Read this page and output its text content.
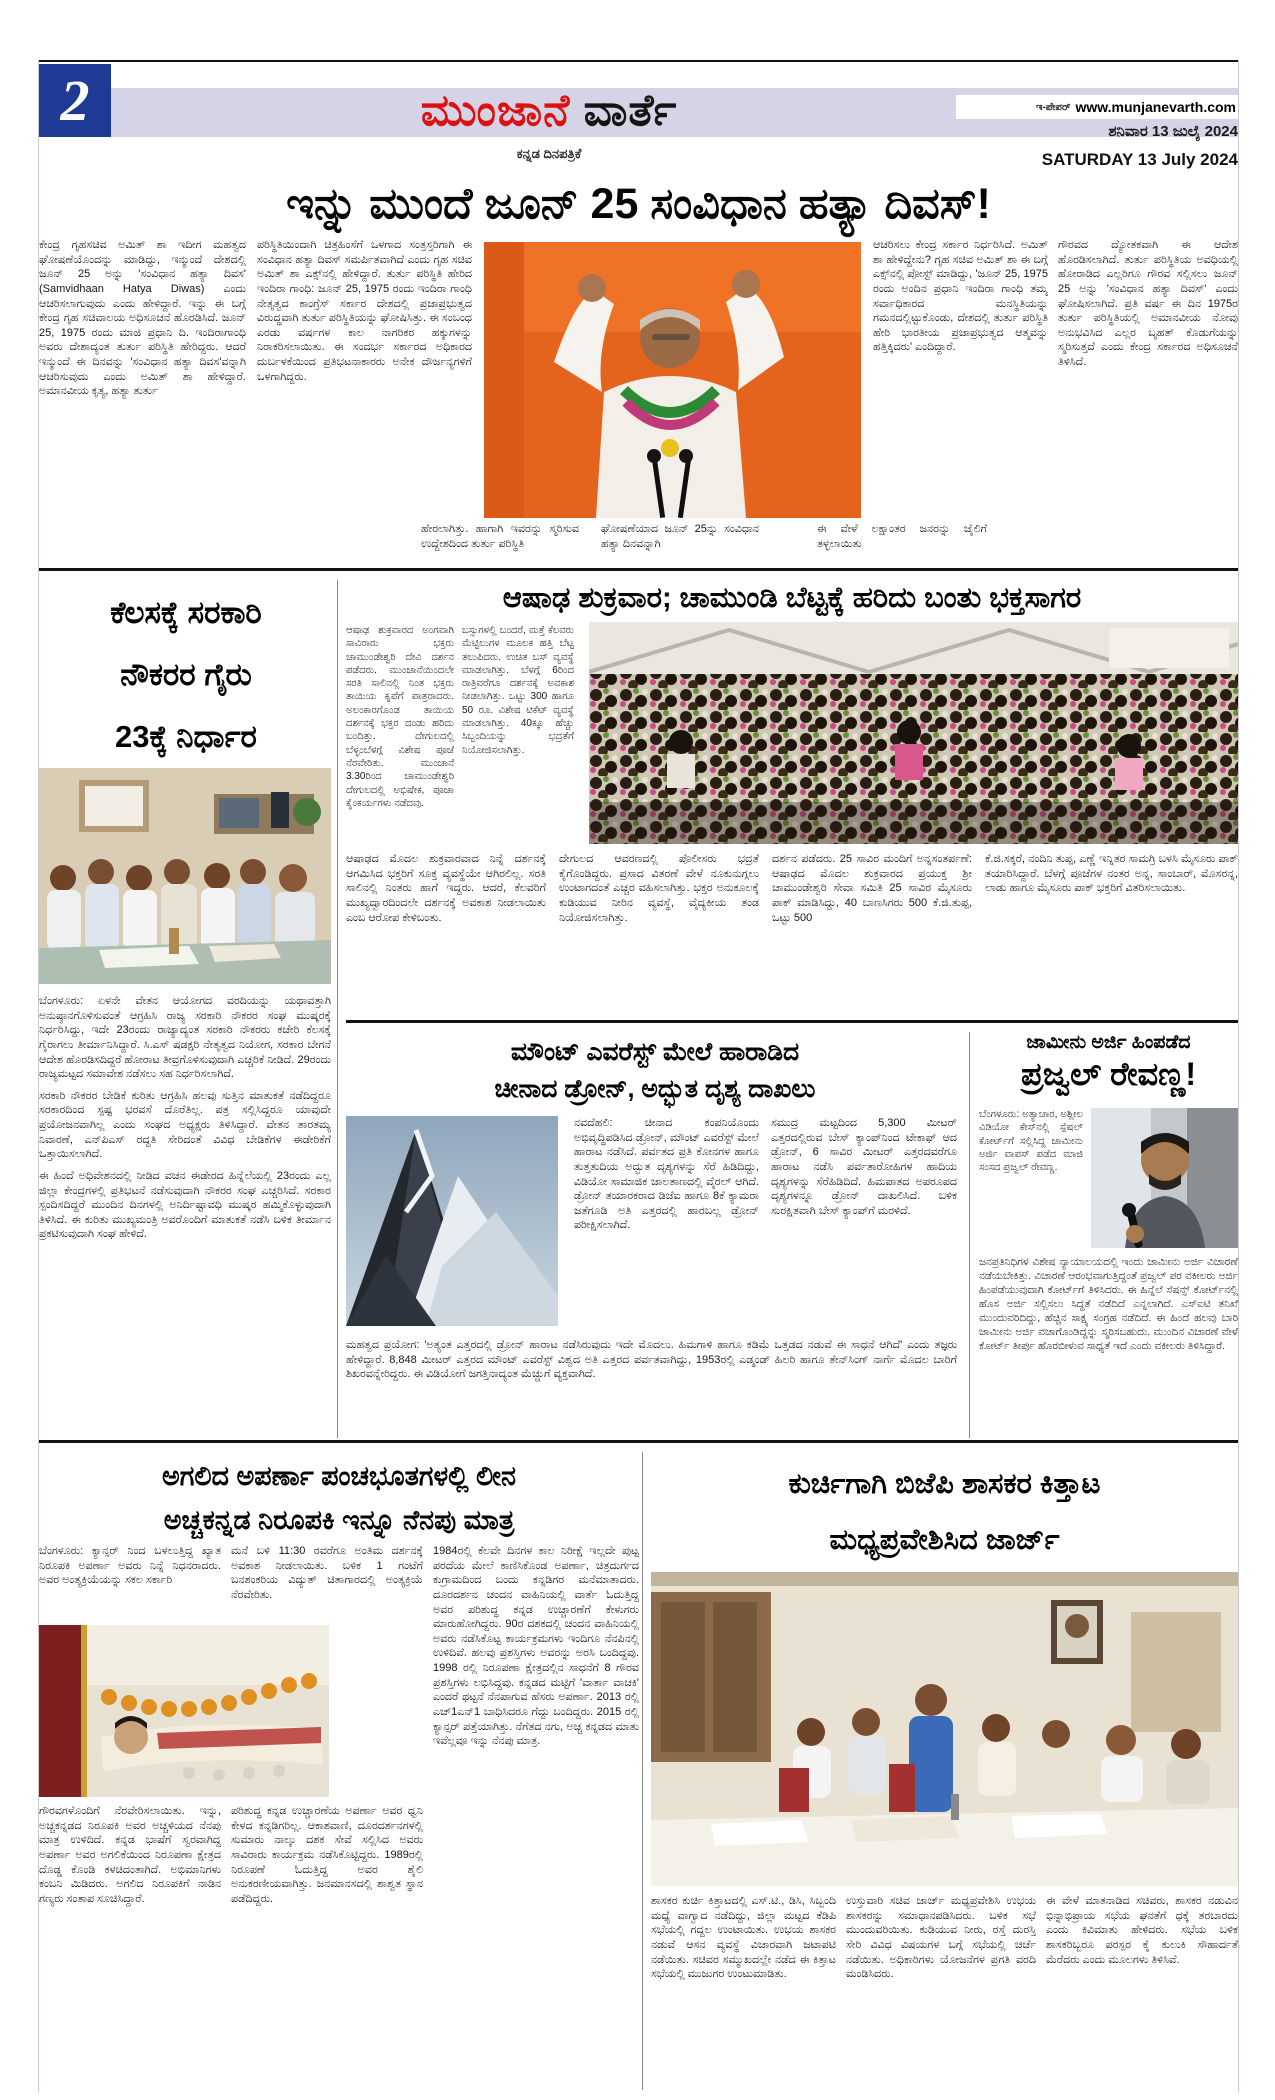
2	ಮುಂಜಾನೆ ವಾರ್ತೆ
ಕನ್ನಡ ದಿನಪತ್ರಿಕೆ
ಇ-ಪೇಪರ್ www.munjanevarth.com
ಶನಿವಾರ 13 ಜುಲೈ 2024
SATURDAY 13 July 2024
ಇನ್ನು ಮುಂದೆ ಜೂನ್ 25 ಸಂವಿಧಾನ ಹತ್ಯಾ ದಿವಸ್!
ಕೇಂದ್ರ ಗೃಹಸಚಿವ ಅಮಿತ್ ಶಾ ಇದೀಗ ಮಹತ್ವದ ಘೋಷಣೆಯೊಂದನ್ನು ಮಾಡಿದ್ದು, ಇನ್ಮುಂದೆ ದೇಶದಲ್ಲಿ ಜೂನ್ 25 ಅನ್ನು 'ಸಂವಿಧಾನ ಹತ್ಯಾ ದಿವಸ' (Samvidhaan Hatya Diwas) ಎಂದು ಆಚರಿಸಲಾಗುವುದು ಎಂದು ಹೇಳಿದ್ದಾರೆ. ಇನ್ನು ಈ ಬಗ್ಗೆ ಕೇಂದ್ರ ಗೃಹ ಸಚಿವಾಲಯ ಅಧಿಸೂಚನೆ ಹೊರಡಿಸಿದೆ. ಜೂನ್ 25, 1975 ರಂದು ಮಾಜಿ ಪ್ರಧಾನಿ ದಿ. ಇಂದಿರಾಗಾಂಧಿ ಅವರು ದೇಶಾದ್ಯಂತ ತುರ್ತು ಪರಿಸ್ಥಿತಿ ಹೇರಿದ್ದರು. ಆದರೆ ಇನ್ಮುಂದೆ ಈ ದಿನವನ್ನು 'ಸಂವಿಧಾನ ಹತ್ಯಾ ದಿವಸ'ವನ್ನಾಗಿ ಆಚರಿಸುವುದು ಎಂದು ಅಮಿತ್ ಶಾ ಹೇಳಿದ್ದಾರೆ. ಅಮಾನವೀಯ ಕೃತ್ಯ, ಹತ್ಯಾ ತುರ್ತು
ಪರಿಸ್ಥಿತಿಯಿಂದಾಗಿ ಚಿತ್ರಹಿಂಸೆಗೆ ಒಳಗಾದ ಸಂತ್ರಸ್ತರಿಗಾಗಿ ಈ ಸಂವಿಧಾನ ಹತ್ಯಾ ದಿವಸ್ ಸಮರ್ಪಿತವಾಗಿದೆ ಎಂದು ಗೃಹ ಸಚಿವ ಅಮಿತ್ ಶಾ ಎಕ್ಸ್‌ನಲ್ಲಿ ಹೇಳಿದ್ದಾರೆ. ತುರ್ತು ಪರಿಸ್ಥಿತಿ ಹೇರಿದ ಇಂದಿರಾ ಗಾಂಧಿ: ಜೂನ್ 25, 1975 ರಂದು ಇಂದಿರಾ ಗಾಂಧಿ ನೇತೃತ್ವದ ಕಾಂಗ್ರೆಸ್ ಸರ್ಕಾರ ದೇಶದಲ್ಲಿ ಪ್ರಜಾಪ್ರಭುತ್ವದ ವಿರುದ್ಧವಾಗಿ ತುರ್ತು ಪರಿಸ್ಥಿತಿಯನ್ನು ಘೋಷಿಸಿತ್ತು. ಈ ಸಂಬಂಧ ಎರಡು ವರ್ಷಗಳ ಕಾಲ ನಾಗರಿಕರ ಹಕ್ಕುಗಳನ್ನು ನಿರಾಕರಿಸಲಾಯಿತು. ಈ ಸಂದರ್ಭ ಸರ್ಕಾರದ ಅಧಿಕಾರದ ದುರ್ಬಳಕೆಯಿಂದ ಪ್ರತಿಭಟನಾಕಾರರು ಅನೇಕ ದೌರ್ಜನ್ಯಗಳಿಗೆ ಒಳಗಾಗಿದ್ದರು.
ಆಚರಿಸಲು ಕೇಂದ್ರ ಸರ್ಕಾರ ನಿರ್ಧರಿಸಿದೆ. ಅಮಿತ್ ಶಾ ಹೇಳಿದ್ದೇನು? ಗೃಹ ಸಚಿವ ಅಮಿತ್ ಶಾ ಈ ಬಗ್ಗೆ ಎಕ್ಸ್‌ನಲ್ಲಿ ಪೋಸ್ಟ್ ಮಾಡಿದ್ದು, 'ಜೂನ್ 25, 1975 ರಂದು ಅಂದಿನ ಪ್ರಧಾನಿ ಇಂದಿರಾ ಗಾಂಧಿ ತಮ್ಮ ಸರ್ವಾಧಿಕಾರದ ಮನಸ್ಥಿತಿಯನ್ನು ಗಮನದಲ್ಲಿಟ್ಟುಕೊಂಡು, ದೇಶದಲ್ಲಿ ತುರ್ತು ಪರಿಸ್ಥಿತಿ ಹೇರಿ ಭಾರತೀಯ ಪ್ರಜಾಪ್ರಭುತ್ವದ ಆತ್ಮವನ್ನು ಹತ್ತಿಕ್ಕಿದರು' ಎಂದಿದ್ದಾರೆ.
ಗೌರವದ ದ್ಯೋತಕವಾಗಿ ಈ ಆದೇಶ ಹೊರಡಿಸಲಾಗಿದೆ. ತುರ್ತು ಪರಿಸ್ಥಿತಿಯ ಅವಧಿಯಲ್ಲಿ ಹೋರಾಡಿದ ಎಲ್ಲರಿಗೂ ಗೌರವ ಸಲ್ಲಿಸಲು ಜೂನ್ 25 ಅನ್ನು 'ಸಂವಿಧಾನ ಹತ್ಯಾ ದಿವಸ್' ಎಂದು ಘೋಷಿಸಲಾಗಿದೆ. ಪ್ರತಿ ವರ್ಷ ಈ ದಿನ 1975ರ ತುರ್ತು ಪರಿಸ್ಥಿತಿಯಲ್ಲಿ ಅಮಾನವೀಯ ನೋವು ಅನುಭವಿಸಿದ ಎಲ್ಲರ ಬೃಹತ್ ಕೊಡುಗೆಯನ್ನು ಸ್ಮರಿಸುತ್ತದೆ ಎಂದು ಕೇಂದ್ರ ಸರ್ಕಾರದ ಅಧಿಸೂಚನೆ ತಿಳಿಸಿದೆ.
ಹೇರಲಾಗಿತ್ತು. ಹಾಗಾಗಿ ಇವರನ್ನು ಸ್ಮರಿಸುವ ಉದ್ದೇಶದಿಂದ ತುರ್ತು ಪರಿಸ್ಥಿತಿ
ಘೋಷಣೆಯಾದ ಜೂನ್ 25ನ್ನು ಸಂವಿಧಾನ ಹತ್ಯಾ ದಿನವನ್ನಾಗಿ
ಈ ವೇಳೆ ಲಕ್ಷಾಂತರ ಜನರನ್ನು ಜೈಲಿಗೆ ತಳ್ಳಲಾಯಿತು
ಕೆಲಸಕ್ಕೆ ಸರಕಾರಿ
ನೌಕರರ ಗೈರು
23ಕ್ಕೆ ನಿರ್ಧಾರ

ಬೆಂಗಳೂರು: ಏಳನೇ ವೇತನ ಆಯೋಗದ ವರದಿಯನ್ನು ಯಥಾವತ್ತಾಗಿ ಅನುಷ್ಠಾನಗೊಳಿಸುವಂತೆ ಆಗ್ರಹಿಸಿ ರಾಜ್ಯ ಸರಕಾರಿ ನೌಕರರ ಸಂಘ ಮುಷ್ಕರಕ್ಕೆ ನಿರ್ಧರಿಸಿದ್ದು, ಇದೇ 23ರಂದು ರಾಜ್ಯಾದ್ಯಂತ ಸರಕಾರಿ ನೌಕರರು ಕಚೇರಿ ಕೆಲಸಕ್ಕೆ ಗೈರಾಗಲು ತೀರ್ಮಾನಿಸಿದ್ದಾರೆ. ಸಿ.ಎಸ್ ಷಡಕ್ಷರಿ ನೇತೃತ್ವದ ನಿಯೋಗ, ಸರಕಾರ ಬೇಗನೆ ಆದೇಶ ಹೊರಡಿಸದಿದ್ದರೆ ಹೋರಾಟ ತೀವ್ರಗೊಳಿಸುವುದಾಗಿ ಎಚ್ಚರಿಕೆ ನೀಡಿದೆ. 29ರಂದು ರಾಜ್ಯಮಟ್ಟದ ಸಮಾವೇಶ ನಡೆಸಲು ಸಹ ನಿರ್ಧರಿಸಲಾಗಿದೆ.

ಸರಕಾರಿ ನೌಕರರ ಬೇಡಿಕೆ ಕುರಿತು ಆಗ್ರಹಿಸಿ ಹಲವು ಸುತ್ತಿನ ಮಾತುಕತೆ ನಡೆದಿದ್ದರೂ ಸರಕಾರದಿಂದ ಸ್ಪಷ್ಟ ಭರವಸೆ ದೊರೆತಿಲ್ಲ. ಪತ್ರ ಸಲ್ಲಿಸಿದ್ದರೂ ಯಾವುದೇ ಪ್ರಯೋಜನವಾಗಿಲ್ಲ ಎಂದು ಸಂಘದ ಅಧ್ಯಕ್ಷರು ತಿಳಿಸಿದ್ದಾರೆ. ವೇತನ ತಾರತಮ್ಯ ನಿವಾರಣೆ, ಎನ್‌ಪಿಎಸ್ ರದ್ದತಿ ಸೇರಿದಂತೆ ವಿವಿಧ ಬೇಡಿಕೆಗಳ ಈಡೇರಿಕೆಗೆ ಒತ್ತಾಯಿಸಲಾಗಿದೆ.

ಈ ಹಿಂದೆ ಅಧಿವೇಶನದಲ್ಲಿ ನೀಡಿದ ವಚನ ಈಡೇರದ ಹಿನ್ನೆಲೆಯಲ್ಲಿ 23ರಂದು ಎಲ್ಲ ಜಿಲ್ಲಾ ಕೇಂದ್ರಗಳಲ್ಲಿ ಪ್ರತಿಭಟನೆ ನಡೆಸುವುದಾಗಿ ನೌಕರರ ಸಂಘ ಎಚ್ಚರಿಸಿದೆ. ಸರಕಾರ ಸ್ಪಂದಿಸದಿದ್ದರೆ ಮುಂದಿನ ದಿನಗಳಲ್ಲಿ ಅನಿರ್ದಿಷ್ಟಾವಧಿ ಮುಷ್ಕರ ಹಮ್ಮಿಕೊಳ್ಳುವುದಾಗಿ ತಿಳಿಸಿದೆ. ಈ ಕುರಿತು ಮುಖ್ಯಮಂತ್ರಿ ಅವರೊಂದಿಗೆ ಮಾತುಕತೆ ನಡೆಸಿ ಬಳಿಕ ತೀರ್ಮಾನ ಪ್ರಕಟಿಸುವುದಾಗಿ ಸಂಘ ಹೇಳಿದೆ.

ಆಷಾಢ ಶುಕ್ರವಾರ; ಚಾಮುಂಡಿ ಬೆಟ್ಟಕ್ಕೆ ಹರಿದು ಬಂತು ಭಕ್ತಸಾಗರ
ಆಷಾಢ ಶುಕ್ರವಾರದ ಅಂಗವಾಗಿ ಸಾವಿರಾರು ಭಕ್ತರು ಚಾಮುಂಡೇಶ್ವರಿ ದೇವಿ ದರ್ಶನ ಪಡೆದರು. ಮುಂಜಾನೆಯಿಂದಲೇ ಸರತಿ ಸಾಲಿನಲ್ಲಿ ನಿಂತ ಭಕ್ತರು ತಾಯಿಯ ಕೃಪೆಗೆ ಪಾತ್ರರಾದರು. ಅಲಂಕಾರಗೊಂಡ ತಾಯಿಯ ದರ್ಶನಕ್ಕೆ ಭಕ್ತರ ದಂಡು ಹರಿದು ಬಂದಿತ್ತು. ದೇಗುಲದಲ್ಲಿ ಬೆಳ್ಳಂಬೆಳಗ್ಗೆ ವಿಶೇಷ ಪೂಜೆ ನೆರವೇರಿತು. ಮುಂಜಾನೆ 3.30ರಿಂದ ಚಾಮುಂಡೇಶ್ವರಿ ದೇಗುಲದಲ್ಲಿ ಅಭಿಷೇಕ, ಪೂಜಾ ಕೈಂಕರ್ಯಗಳು ನಡೆದವು.
ಬಸ್ಸುಗಳಲ್ಲಿ ಬಂದರೆ, ಮತ್ತೆ ಕೆಲವರು ಮೆಟ್ಟಿಲುಗಳ ಮೂಲಕ ಹತ್ತಿ ಬೆಟ್ಟ ತಲುಪಿದರು. ಉಚಿತ ಬಸ್ ವ್ಯವಸ್ಥೆ ಮಾಡಲಾಗಿತ್ತು. ಬೆಳಗ್ಗೆ 6ರಿಂದ ರಾತ್ರಿವರೆಗೂ ದರ್ಶನಕ್ಕೆ ಅವಕಾಶ ನೀಡಲಾಗಿತ್ತು. ಒಟ್ಟು 300 ಹಾಗೂ 50 ರೂ. ವಿಶೇಷ ಟಿಕೆಟ್ ವ್ಯವಸ್ಥೆ ಮಾಡಲಾಗಿತ್ತು. 40ಕ್ಕೂ ಹೆಚ್ಚು ಸಿಬ್ಬಂದಿಯನ್ನು ಭದ್ರತೆಗೆ ನಿಯೋಜಿಸಲಾಗಿತ್ತು.
ಆಷಾಢದ ಮೊದಲ ಶುಕ್ರವಾರವಾದ ನಿನ್ನೆ ದರ್ಶನಕ್ಕೆ ಆಗಮಿಸಿದ ಭಕ್ತರಿಗೆ ಸೂಕ್ತ ವ್ಯವಸ್ಥೆಯೇ ಆಗಿರಲಿಲ್ಲ. ಸರತಿ ಸಾಲಿನಲ್ಲಿ ನಿಂತರು ಹಾಗೆ ಇದ್ದರು. ಆದರೆ, ಕೆಲವರಿಗೆ ಮುಖ್ಯದ್ವಾರದಿಂದಲೇ ದರ್ಶನಕ್ಕೆ ಅವಕಾಶ ನೀಡಲಾಯಿತು ಎಂಬ ಆರೋಪ ಕೇಳಿಬಂತು.
ದೇಗುಲದ ಆವರಣದಲ್ಲಿ ಪೊಲೀಸರು ಭದ್ರತೆ ಕೈಗೊಂಡಿದ್ದರು. ಪ್ರಸಾದ ವಿತರಣೆ ವೇಳೆ ನೂಕುನುಗ್ಗಲು ಉಂಟಾಗದಂತೆ ಎಚ್ಚರ ವಹಿಸಲಾಗಿತ್ತು. ಭಕ್ತರ ಅನುಕೂಲಕ್ಕೆ ಕುಡಿಯುವ ನೀರಿನ ವ್ಯವಸ್ಥೆ, ವೈದ್ಯಕೀಯ ತಂಡ ನಿಯೋಜಿಸಲಾಗಿತ್ತು.
ದರ್ಶನ ಪಡೆದರು. 25 ಸಾವಿರ ಮಂದಿಗೆ ಅನ್ನಸಂತರ್ಪಣೆ: ಆಷಾಢದ ಮೊದಲ ಶುಕ್ರವಾರದ ಪ್ರಯುಕ್ತ ಶ್ರೀ ಚಾಮುಂಡೇಶ್ವರಿ ಸೇವಾ ಸಮಿತಿ 25 ಸಾವಿರ ಮೈಸೂರು ಪಾಕ್ ಮಾಡಿಸಿದ್ದು, 40 ಬಾಣಸಿಗರು 500 ಕೆ.ಜಿ.ತುಪ್ಪ, ಒಟ್ಟು 500
ಕೆ.ಜಿ.ಸಕ್ಕರೆ, ನಂದಿನಿ ತುಪ್ಪ, ಎಣ್ಣೆ ಇನ್ನಿತರ ಸಾಮಗ್ರಿ ಬಳಸಿ ಮೈಸೂರು ಪಾಕ್ ತಯಾರಿಸಿದ್ದಾರೆ. ಬೆಳಗ್ಗೆ ಪೂಜೆಗಳ ನಂತರ ಅನ್ನ, ಸಾಂಬಾರ್, ಮೊಸರನ್ನ, ಲಾಡು ಹಾಗೂ ಮೈಸೂರು ಪಾಕ್ ಭಕ್ತರಿಗೆ ವಿತರಿಸಲಾಯಿತು.
ಮೌಂಟ್ ಎವರೆಸ್ಟ್ ಮೇಲೆ ಹಾರಾಡಿದ
ಚೀನಾದ ಡ್ರೋನ್, ಅದ್ಭುತ ದೃಶ್ಯ ದಾಖಲು
ನವದೆಹಲಿ: ಚೀನಾದ ಕಂಪನಿಯೊಂದು ಅಭಿವೃದ್ಧಿಪಡಿಸಿದ ಡ್ರೋನ್, ಮೌಂಟ್ ಎವರೆಸ್ಟ್ ಮೇಲೆ ಹಾರಾಟ ನಡೆಸಿದೆ. ಪರ್ವತದ ಪ್ರತಿ ಕೋನಗಳ ಹಾಗೂ ತುತ್ತತುದಿಯ ಅದ್ಭುತ ದೃಶ್ಯಗಳನ್ನು ಸೆರೆ ಹಿಡಿದಿದ್ದು, ವಿಡಿಯೋ ಸಾಮಾಜಿಕ ಜಾಲತಾಣದಲ್ಲಿ ವೈರಲ್ ಆಗಿದೆ. ಡ್ರೋನ್ ತಯಾರಕರಾದ ಡಿಜೆಐ ಹಾಗೂ 8ಕೆ ಕ್ಯಾಮರಾ ಜತೆಗೂಡಿ ಅತಿ ಎತ್ತರದಲ್ಲಿ ಹಾರಬಲ್ಲ ಡ್ರೋನ್ ಪರೀಕ್ಷಿಸಲಾಗಿದೆ.
ಸಮುದ್ರ ಮಟ್ಟದಿಂದ 5,300 ಮೀಟರ್ ಎತ್ತರದಲ್ಲಿರುವ ಬೇಸ್ ಕ್ಯಾಂಪ್‌ನಿಂದ ಟೇಕಾಫ್ ಆದ ಡ್ರೋನ್, 6 ಸಾವಿರ ಮೀಟರ್ ಎತ್ತರದವರೆಗೂ ಹಾರಾಟ ನಡೆಸಿ ಪರ್ವತಾರೋಹಿಗಳ ಹಾದಿಯ ದೃಶ್ಯಗಳನ್ನು ಸೆರೆಹಿಡಿದಿದೆ. ಹಿಮಪಾತದ ಅಪರೂಪದ ದೃಶ್ಯಗಳನ್ನೂ ಡ್ರೋನ್ ದಾಖಲಿಸಿದೆ. ಬಳಿಕ ಸುರಕ್ಷಿತವಾಗಿ ಬೇಸ್ ಕ್ಯಾಂಪ್‌ಗೆ ಮರಳಿದೆ.
ಮಹತ್ವದ ಪ್ರಯೋಗ: 'ಅತ್ಯಂತ ಎತ್ತರದಲ್ಲಿ ಡ್ರೋನ್ ಹಾರಾಟ ನಡೆಸಿರುವುದು ಇದೇ ಮೊದಲು. ಹಿಮಗಾಳಿ ಹಾಗೂ ಕಡಿಮೆ ಒತ್ತಡದ ನಡುವೆ ಈ ಸಾಧನೆ ಆಗಿದೆ' ಎಂದು ತಜ್ಞರು ಹೇಳಿದ್ದಾರೆ. 8,848 ಮೀಟರ್ ಎತ್ತರದ ಮೌಂಟ್ ಎವರೆಸ್ಟ್ ವಿಶ್ವದ ಅತಿ ಎತ್ತರದ ಪರ್ವತವಾಗಿದ್ದು, 1953ರಲ್ಲಿ ಎಡ್ಮಂಡ್ ಹಿಲರಿ ಹಾಗೂ ತೇನ್‌ಸಿಂಗ್ ನಾರ್ಗೆ ಮೊದಲ ಬಾರಿಗೆ ಶಿಖರವನ್ನೇರಿದ್ದರು. ಈ ವಿಡಿಯೋಗೆ ಜಗತ್ತಿನಾದ್ಯಂತ ಮೆಚ್ಚುಗೆ ವ್ಯಕ್ತವಾಗಿದೆ.
ಜಾಮೀನು ಅರ್ಜಿ ಹಿಂಪಡೆದ
ಪ್ರಜ್ವಲ್ ರೇವಣ್ಣ!
ಬೆಂಗಳೂರು: ಅತ್ಯಾಚಾರ, ಅಶ್ಲೀಲ ವಿಡಿಯೋ ಕೇಸ್‌ನಲ್ಲಿ ಸ್ಪೆಷಲ್ ಕೋರ್ಟ್‌ಗೆ ಸಲ್ಲಿಸಿದ್ದ ಜಾಮೀನು ಅರ್ಜಿ ವಾಪಸ್ ಪಡೆದ ಮಾಜಿ ಸಂಸದ ಪ್ರಜ್ವಲ್ ರೇವಣ್ಣ.
ಜನಪ್ರತಿನಿಧಿಗಳ ವಿಶೇಷ ನ್ಯಾಯಾಲಯದಲ್ಲಿ ಇಂದು ಜಾಮೀನು ಅರ್ಜಿ ವಿಚಾರಣೆ ನಡೆಯಬೇಕಿತ್ತು. ವಿಚಾರಣೆ ಆರಂಭವಾಗುತ್ತಿದ್ದಂತೆ ಪ್ರಜ್ವಲ್ ಪರ ವಕೀಲರು ಅರ್ಜಿ ಹಿಂಪಡೆಯುವುದಾಗಿ ಕೋರ್ಟ್‌ಗೆ ತಿಳಿಸಿದರು. ಈ ಹಿನ್ನೆಲೆ ಸೆಷನ್ಸ್ ಕೋರ್ಟ್‌ನಲ್ಲಿ ಹೊಸ ಅರ್ಜಿ ಸಲ್ಲಿಸಲು ಸಿದ್ಧತೆ ನಡೆದಿದೆ ಎನ್ನಲಾಗಿದೆ. ಎಸ್‌ಐಟಿ ತನಿಖೆ ಮುಂದುವರಿದಿದ್ದು, ಹೆಚ್ಚಿನ ಸಾಕ್ಷ್ಯ ಸಂಗ್ರಹ ನಡೆದಿದೆ. ಈ ಹಿಂದೆ ಹಲವು ಬಾರಿ ಜಾಮೀನು ಅರ್ಜಿ ವಜಾಗೊಂಡಿದ್ದನ್ನು ಸ್ಮರಿಸಬಹುದು. ಮುಂದಿನ ವಿಚಾರಣೆ ವೇಳೆ ಕೋರ್ಟ್ ತೀರ್ಪು ಹೊರಬೀಳುವ ಸಾಧ್ಯತೆ ಇದೆ ಎಂದು ವಕೀಲರು ತಿಳಿಸಿದ್ದಾರೆ.
ಅಗಲಿದ ಅಪರ್ಣಾ ಪಂಚಭೂತಗಳಲ್ಲಿ ಲೀನ
ಅಚ್ಚಕನ್ನಡ ನಿರೂಪಕಿ ಇನ್ನೂ ನೆನಪು ಮಾತ್ರ
ಬೆಂಗಳೂರು: ಕ್ಯಾನ್ಸರ್ ನಿಂದ ಬಳಲುತ್ತಿದ್ದ ಖ್ಯಾತ ನಿರೂಪಕಿ ಅಪರ್ಣಾ ಅವರು ನಿನ್ನೆ ನಿಧನರಾದರು. ಅವರ ಅಂತ್ಯಕ್ರಿಯೆಯನ್ನು ಸಕಲ ಸರ್ಕಾರಿ
ಮನೆ ಬಳಿ 11:30 ರವರೆಗೂ ಅಂತಿಮ ದರ್ಶನಕ್ಕೆ ಅವಕಾಶ ನೀಡಲಾಯಿತು. ಬಳಿಕ 1 ಗಂಟೆಗೆ ಬನಶಂಕರಿಯ ವಿದ್ಯುತ್ ಚಿತಾಗಾರದಲ್ಲಿ ಅಂತ್ಯಕ್ರಿಯೆ ನೆರವೇರಿತು.
1984ರಲ್ಲಿ ಕೆಲವೇ ದಿನಗಳ ಕಾಲ ನಿರೀಕ್ಷೆ ಇಲ್ಲದೇ ಪುಟ್ಟ ಪರದೆಯ ಮೇಲೆ ಕಾಣಿಸಿಕೊಂಡ ಅಪರ್ಣಾ, ಚಿತ್ರದುರ್ಗದ ಕುಗ್ರಾಮದಿಂದ ಬಂದು ಕನ್ನಡಿಗರ ಮನೆಮಾತಾದರು. ದೂರದರ್ಶನ ಚಂದನ ವಾಹಿನಿಯಲ್ಲಿ ವಾರ್ತೆ ಓದುತ್ತಿದ್ದ ಅವರ ಪರಿಶುದ್ಧ ಕನ್ನಡ ಉಚ್ಚಾರಣೆಗೆ ಕೇಳುಗರು ಮಾರುಹೋಗಿದ್ದರು. 90ರ ದಶಕದಲ್ಲಿ ಚಂದನ ವಾಹಿನಿಯಲ್ಲಿ ಅವರು ನಡೆಸಿಕೊಟ್ಟ ಕಾರ್ಯಕ್ರಮಗಳು ಇಂದಿಗೂ ನೆನಪಿನಲ್ಲಿ ಉಳಿದಿವೆ. ಹಲವು ಪ್ರಶಸ್ತಿಗಳು ಅವರನ್ನು ಅರಸಿ ಬಂದಿದ್ದವು. 1998 ರಲ್ಲಿ ನಿರೂಪಣಾ ಕ್ಷೇತ್ರದಲ್ಲಿನ ಸಾಧನೆಗೆ 8 ಗೌರವ ಪ್ರಶಸ್ತಿಗಳು ಲಭಿಸಿದ್ದವು. ಕನ್ನಡದ ಮಟ್ಟಿಗೆ 'ವಾರ್ತಾ ವಾಚಕಿ' ಎಂದರೆ ಥಟ್ಟನೆ ನೆನಪಾಗುವ ಹೆಸರು ಅಪರ್ಣಾ. 2013 ರಲ್ಲಿ ಎಚ್1ಎನ್1 ಬಾಧಿಸಿದರೂ ಗೆದ್ದು ಬಂದಿದ್ದರು. 2015 ರಲ್ಲಿ ಕ್ಯಾನ್ಸರ್ ಪತ್ತೆಯಾಗಿತ್ತು. ನೆಗೆತದ ನಗು, ಅಚ್ಚ ಕನ್ನಡದ ಮಾತು ಇವೆಲ್ಲವೂ ಇನ್ನು ನೆನಪು ಮಾತ್ರ.
ಗೌರವಗಳೊಂದಿಗೆ ನೆರವೇರಿಸಲಾಯಿತು. ಇನ್ನು, ಅಚ್ಚಕನ್ನಡದ ನಿರೂಪಕಿ ಅವರ ಅಚ್ಚಳಿಯದ ನೆನಪು ಮಾತ್ರ ಉಳಿದಿದೆ. ಕನ್ನಡ ಭಾಷೆಗೆ ಸ್ವರವಾಗಿದ್ದ ಅಪರ್ಣಾ ಅವರ ಅಗಲಿಕೆಯಿಂದ ನಿರೂಪಣಾ ಕ್ಷೇತ್ರದ ದೊಡ್ಡ ಕೊಂಡಿ ಕಳಚಿದಂತಾಗಿದೆ. ಅಭಿಮಾನಿಗಳು ಕಂಬನಿ ಮಿಡಿದರು. ಅಗಲಿದ ನಿರೂಪಕಿಗೆ ನಾಡಿನ ಗಣ್ಯರು ಸಂತಾಪ ಸೂಚಿಸಿದ್ದಾರೆ.
ಪರಿಶುದ್ಧ ಕನ್ನಡ ಉಚ್ಚಾರಣೆಯ ಅಪರ್ಣಾ ಅವರ ಧ್ವನಿ ಕೇಳದ ಕನ್ನಡಿಗರಿಲ್ಲ. ಆಕಾಶವಾಣಿ, ದೂರದರ್ಶನಗಳಲ್ಲಿ ಸುಮಾರು ನಾಲ್ಕು ದಶಕ ಸೇವೆ ಸಲ್ಲಿಸಿದ ಅವರು ಸಾವಿರಾರು ಕಾರ್ಯಕ್ರಮ ನಡೆಸಿಕೊಟ್ಟಿದ್ದರು. 1989ರಲ್ಲಿ ನಿರೂಪಣೆ ಓದುತ್ತಿದ್ದ ಅವರ ಶೈಲಿ ಅನುಕರಣೀಯವಾಗಿತ್ತು. ಜನಮಾನಸದಲ್ಲಿ ಶಾಶ್ವತ ಸ್ಥಾನ ಪಡೆದಿದ್ದರು.
ಕುರ್ಚಿಗಾಗಿ ಬಿಜೆಪಿ ಶಾಸಕರ ಕಿತ್ತಾಟ
ಮಧ್ಯಪ್ರವೇಶಿಸಿದ ಜಾರ್ಜ್
ಶಾಸಕರ ಕುರ್ಚಿ ಕಿತ್ತಾಟದಲ್ಲಿ ಎಸ್.ಟಿ., ಡಿಸಿ, ಸಿಬ್ಬಂದಿ ಮಧ್ಯೆ ವಾಗ್ವಾದ ನಡೆದಿದ್ದು, ಜಿಲ್ಲಾ ಮಟ್ಟದ ಕೆಡಿಪಿ ಸಭೆಯಲ್ಲಿ ಗದ್ದಲ ಉಂಟಾಯಿತು. ಉಭಯ ಶಾಸಕರ ನಡುವೆ ಆಸನ ವ್ಯವಸ್ಥೆ ವಿಚಾರವಾಗಿ ಜಟಾಪಟಿ ನಡೆಯಿತು. ಸಚಿವರ ಸಮ್ಮುಖದಲ್ಲೇ ನಡೆದ ಈ ಕಿತ್ತಾಟ ಸಭೆಯಲ್ಲಿ ಮುಜುಗರ ಉಂಟುಮಾಡಿತು.
ಉಸ್ತುವಾರಿ ಸಚಿವ ಜಾರ್ಜ್ ಮಧ್ಯಪ್ರವೇಶಿಸಿ ಉಭಯ ಶಾಸಕರನ್ನು ಸಮಾಧಾನಪಡಿಸಿದರು. ಬಳಿಕ ಸಭೆ ಮುಂದುವರಿಯಿತು. ಕುಡಿಯುವ ನೀರು, ರಸ್ತೆ ದುರಸ್ತಿ ಸೇರಿ ವಿವಿಧ ವಿಷಯಗಳ ಬಗ್ಗೆ ಸಭೆಯಲ್ಲಿ ಚರ್ಚೆ ನಡೆಯಿತು. ಅಧಿಕಾರಿಗಳು ಯೋಜನೆಗಳ ಪ್ರಗತಿ ವರದಿ ಮಂಡಿಸಿದರು.
ಈ ವೇಳೆ ಮಾತನಾಡಿದ ಸಚಿವರು, ಶಾಸಕರ ನಡುವಿನ ಭಿನ್ನಾಭಿಪ್ರಾಯ ಸಭೆಯ ಘನತೆಗೆ ಧಕ್ಕೆ ತರಬಾರದು ಎಂದು ಕಿವಿಮಾತು ಹೇಳಿದರು. ಸಭೆಯ ಬಳಿಕ ಶಾಸಕರಿಬ್ಬರೂ ಪರಸ್ಪರ ಕೈ ಕುಲುಕಿ ಸೌಹಾರ್ದತೆ ಮೆರೆದರು ಎಂದು ಮೂಲಗಳು ತಿಳಿಸಿವೆ.
